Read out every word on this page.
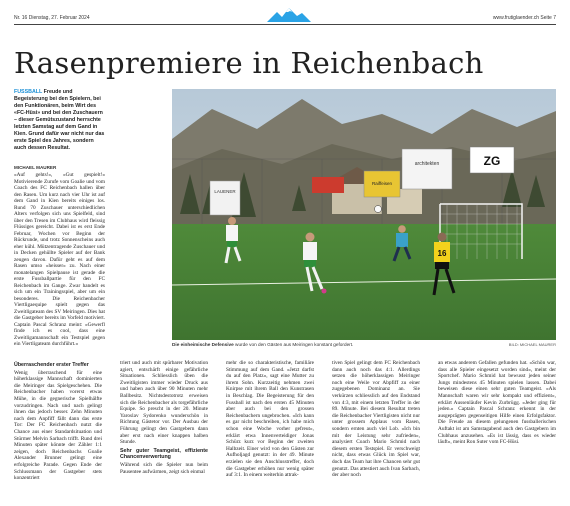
Nr. 16 Dienstag, 27. Februar 2024	www.frutiglaender.ch Seite 7
Rasenpremiere in Reichenbach
FUSSBALL Freude und Begeisterung bei den Spielern, bei den Funktionären, beim Wirt des «FC-Hüsi» und bei den Zuschauern – dieser Gemütszustand herrschte letzten Samstag auf dem Gand in Kien. Grund dafür war nicht nur das erste Spiel des Jahres, sondern auch dessen Resultat.
MICHAEL MAURER
«Auf gehts!», «Gut gespielt!» Motivierende Zurufe vom Goalie und vom Coach des FC Reichenbach hallen über den Rasen. Um kurz nach vier Uhr ist auf dem Gand in Kien bereits einiges los. Rund 70 Zuschauer unterschiedlichen Alters verfolgen sich uns Spielfeld, sind über den Tresen im Clubhaus wird fleissig Flüssiges gereicht. Dabei ist es erst Ende Februar, Wochen vor Beginn der Rückrunde, und trotz Sonnenscheins auch eher kühl. Mützentragende Zuschauer und in Decken gehüllte Spieler auf der Bank zeugen davon. Dafür geht es auf dem Rasen umso «heisser» zu. Nach einer monatelangen Spielpause ist gerade die erste Fussballpartie für den FC Reichenbach im Gange. Zwar handelt es sich um ein Trainingsspiel, aber um ein besonderes. Die Reichenbacher Viertligaequipe spielt gegen das Zweitligateam des SV Meiringen. Dies hat die Gastgeber bereits im Vorfeld motiviert. Captain Pascal Schranz meint: «Gewerfl finde ich es cool, dass eine Zweitligamannschaft ein Testspiel gegen ein Viertligateam durchführt.»
LAUENER
architekten
Raiffeisen
ZG
16
Die einheimische Defensive wurde von den Gästen aus Meiringen konstant gefordert.	BILD: MICHAEL MAURER
Überraschender erster Treffer
Wenig überraschend für eine höherklassige Mannschaft dominierten die Meiringer das Spielgeschehen. Die Reichenbacher haben vorerst etwas Mühe, in die gegnerische Spielhälfte vorzudringen. Nach und nach gelingt ihnen das jedoch besser. Zehn Minuten nach dem Anpfiff fällt dann das erste Tor: Der FC Reichenbach nutzt die Chance aus einer Standardsituation und Stürmer Melvin Sarbach trifft. Rund drei Minuten später könnte der Zähler 1:1 zeigen, doch Reichenbachs Goalie Alexander Brunner gelingt eine erfolgreiche Parade. Gegen Ende der Schlussmann der Gastgeber stets konzentriert
triert und auch mit spürbarer Motivation agiert, entschärft einige gefährliche Situationen. Schliesslich üben die Zweitligisten immer wieder Druck aus und haben auch über 90 Minuten mehr Ballbesitz. Nichtsdestotrotz erweisen sich die Reichenbacher als torgefährliche Equipe. So prescht in der 20. Minute Yaroslav Sydorenko wunderschön in Richtung Gästetor vor. Der Ausbau der Führung gelingt den Gastgebern dann aber erst nach einer knappen halben Stunde.
Sehr guter Teamgeist, effiziente Chancenverwertung
Während sich die Spieler nun beim Pausentee aufwärmen, zeigt sich einmal
mehr die so charakteristische, familiäre Stimmung auf dem Gand. «Jetzt darfst du auf den Platz», sagt eine Mutter zu ihrem Sohn. Kurzzeitig nehmen zwei Knirpse mit ihrem Ball den Kunstrasen in Beschlag. Die Begeisterung für den Fussball ist nach den ersten 45 Minuten aber auch bei den grossen Reichenbachern ungebrochen. «Ich kann es gar nicht beschreiben, ich habe mich schon eine Woche vorher gefreut», erklärt etwa Innenverteidiger Jonas Schürz kurz vor Beginn der zweiten Halbzeit. Einer wird von den Gästen zur Aufholjagd genutzt: in der 49. Minute erzielen sie den Anschlusstreffer, doch die Gastgeber erhöhen nur wenig später auf 3:1. In einem weiterhin attrak-
tiven Spiel gelingt dem FC Reichenbach dann auch noch das 4:1. Allerdings setzen die höherklassigen Meiringer noch eine Weile vor Abpfiff zu einer zugegebenen Dominanz an. Sie verkürzen schliesslich auf den Endstand von 4:3, mit einem letzten Treffer in der 89. Minute. Bei diesem Resultat treten die Reichenbacher Viertligisten nicht nur unter grossem Applaus vom Rasen, sondern ernten auch viel Lob. «Ich bin mit der Leistung sehr zufrieden», analysiert Coach Mario Schmid nach diesem ersten Testspiel. Er verschweigt nicht, dass etwas Glück im Spiel war, doch das Team hat ihre Chancen sehr gut genutzt. Das attestiert auch Ivan Sarbach, der aber noch
an etwas anderem Gefallen gefunden hat. «Schön war, dass alle Spieler eingesetzt worden sind», meint der Sportchef. Mario Schmid hat bewusst jeden seiner Jungs mindestens 45 Minuten spielen lassen. Dabei beweisen diese einen sehr guten Teamgeist. «Als Mannschaft waren wir sehr kompakt und effizient», erklärt Aussenläufer Kevin Zurbrügg. «Jeder ging für jeden.» Captain Pascal Schranz erkennt in der ausgeprägten gegenseitigen Hilfe einen Erfolgsfaktor. Die Freude an diesem gelungenen fussballerischen Auftakt ist am Samstagabend auch den Gastgebern im Clubhaus anzusehen. «Es ist lässig, dass es wieder läuft», meint Ron Suter vom FC-Hüsi.
